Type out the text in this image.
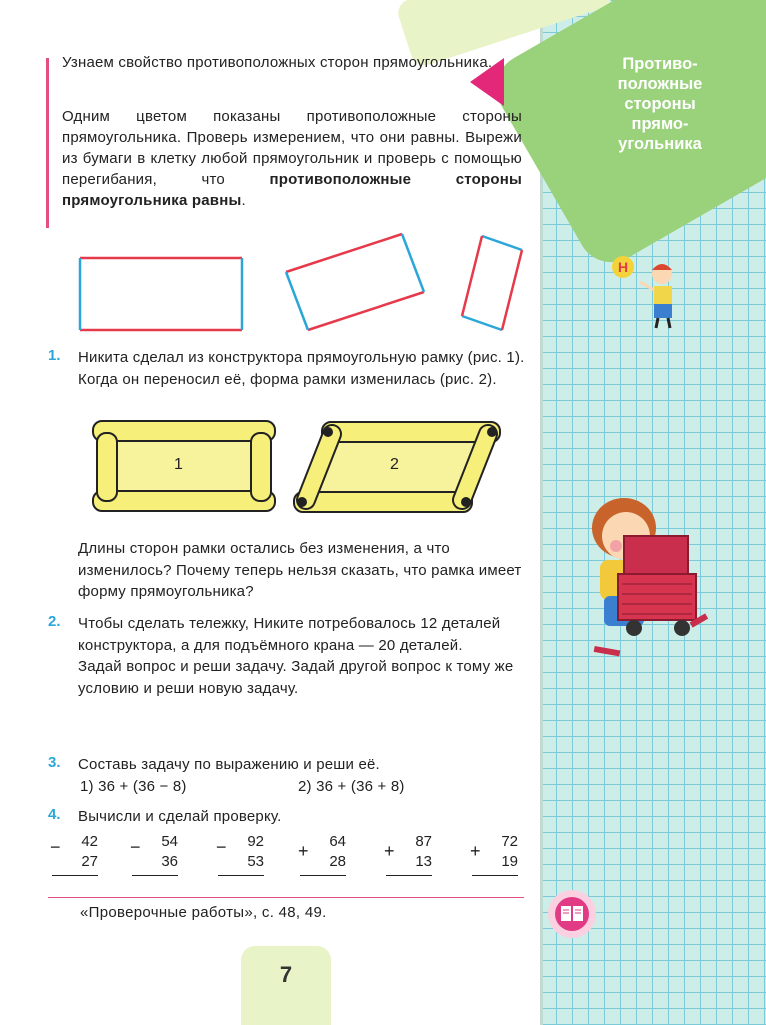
Противо-
положные
стороны
прямо-
угольника
Узнаем свойство противоположных сторон прямоугольника.
Одним цветом показаны противоположные стороны прямоугольника. Проверь измерением, что они равны. Вырежи из бумаги в клетку любой прямоугольник и проверь с помощью перегибания, что противоположные стороны прямоугольника равны.
1. Никита сделал из конструктора прямоугольную рамку (рис. 1). Когда он переносил её, форма рамки изменилась (рис. 2).
1	2
Длины сторон рамки остались без изменения, а что изменилось? Почему теперь нельзя сказать, что рамка имеет форму прямоугольника?
2. Чтобы сделать тележку, Никите потребовалось 12 деталей конструктора, а для подъёмного крана — 20 деталей.
Задай вопрос и реши задачу. Задай другой вопрос к тому же условию и реши новую задачу.
3. Составь задачу по выражению и реши её.
1) 36 + (36 − 8)	2) 36 + (36 + 8)
4. Вычисли и сделай проверку.
−	42
27
−	54
36
−	92
53
+	64
28
+	87
13
+	72
19
«Проверочные работы», с. 48, 49.
7
Н
